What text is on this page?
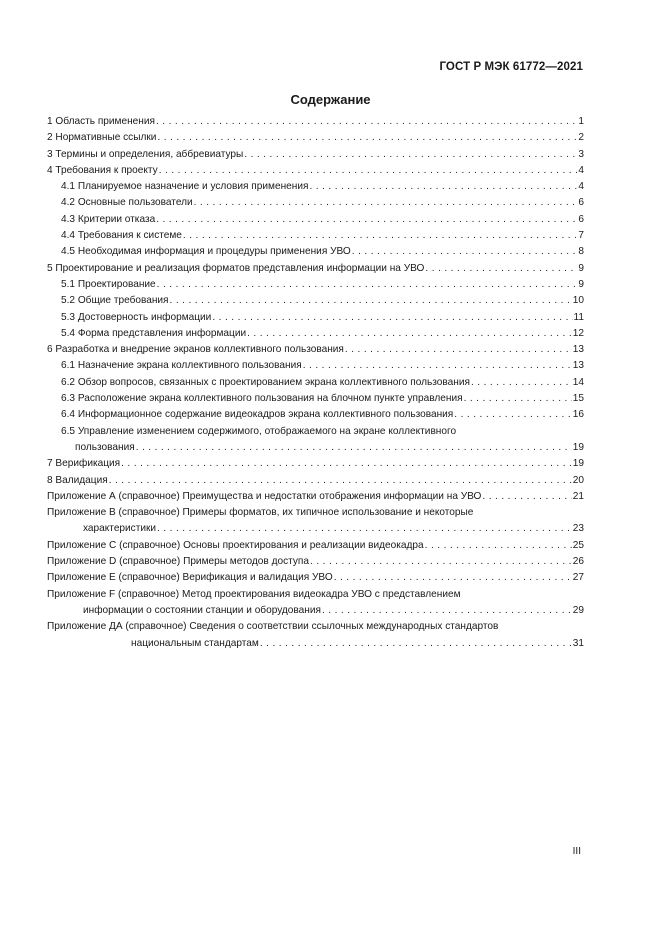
ГОСТ Р МЭК 61772—2021
Содержание
1 Область применения . . .	1
2 Нормативные ссылки . . .	2
3 Термины и определения, аббревиатуры . . .	3
4 Требования к проекту . . .	4
4.1 Планируемое назначение и условия применения . . .	4
4.2 Основные пользователи . . .	6
4.3 Критерии отказа . . .	6
4.4 Требования к системе . . .	7
4.5 Необходимая информация и процедуры применения УВО . . .	8
5 Проектирование и реализация форматов представления информации на УВО . . .	9
5.1 Проектирование . . .	9
5.2 Общие требования . . .	10
5.3 Достоверность информации . . .	11
5.4 Форма представления информации . . .	12
6 Разработка и внедрение экранов коллективного пользования . . .	13
6.1 Назначение экрана коллективного пользования . . .	13
6.2 Обзор вопросов, связанных с проектированием экрана коллективного пользования . . .	14
6.3 Расположение экрана коллективного пользования на блочном пункте управления . . .	15
6.4 Информационное содержание видеокадров экрана коллективного пользования . . .	16
6.5 Управление изменением содержимого, отображаемого на экране коллективного
пользования . . .	19
7 Верификация . . .	19
8 Валидация . . .	20
Приложение А (справочное) Преимущества и недостатки отображения информации на УВО . . .	21
Приложение В (справочное) Примеры форматов, их типичное использование и некоторые
характеристики . . .	23
Приложение С (справочное) Основы проектирования и реализации видеокадра . . .	25
Приложение D (справочное) Примеры методов доступа . . .	26
Приложение Е (справочное) Верификация и валидация УВО . . .	27
Приложение F (справочное) Метод проектирования видеокадра УВО с представлением
информации о состоянии станции и оборудования . . .	29
Приложение ДА (справочное) Сведения о соответствии ссылочных международных стандартов
национальным стандартам . . .	31
III
